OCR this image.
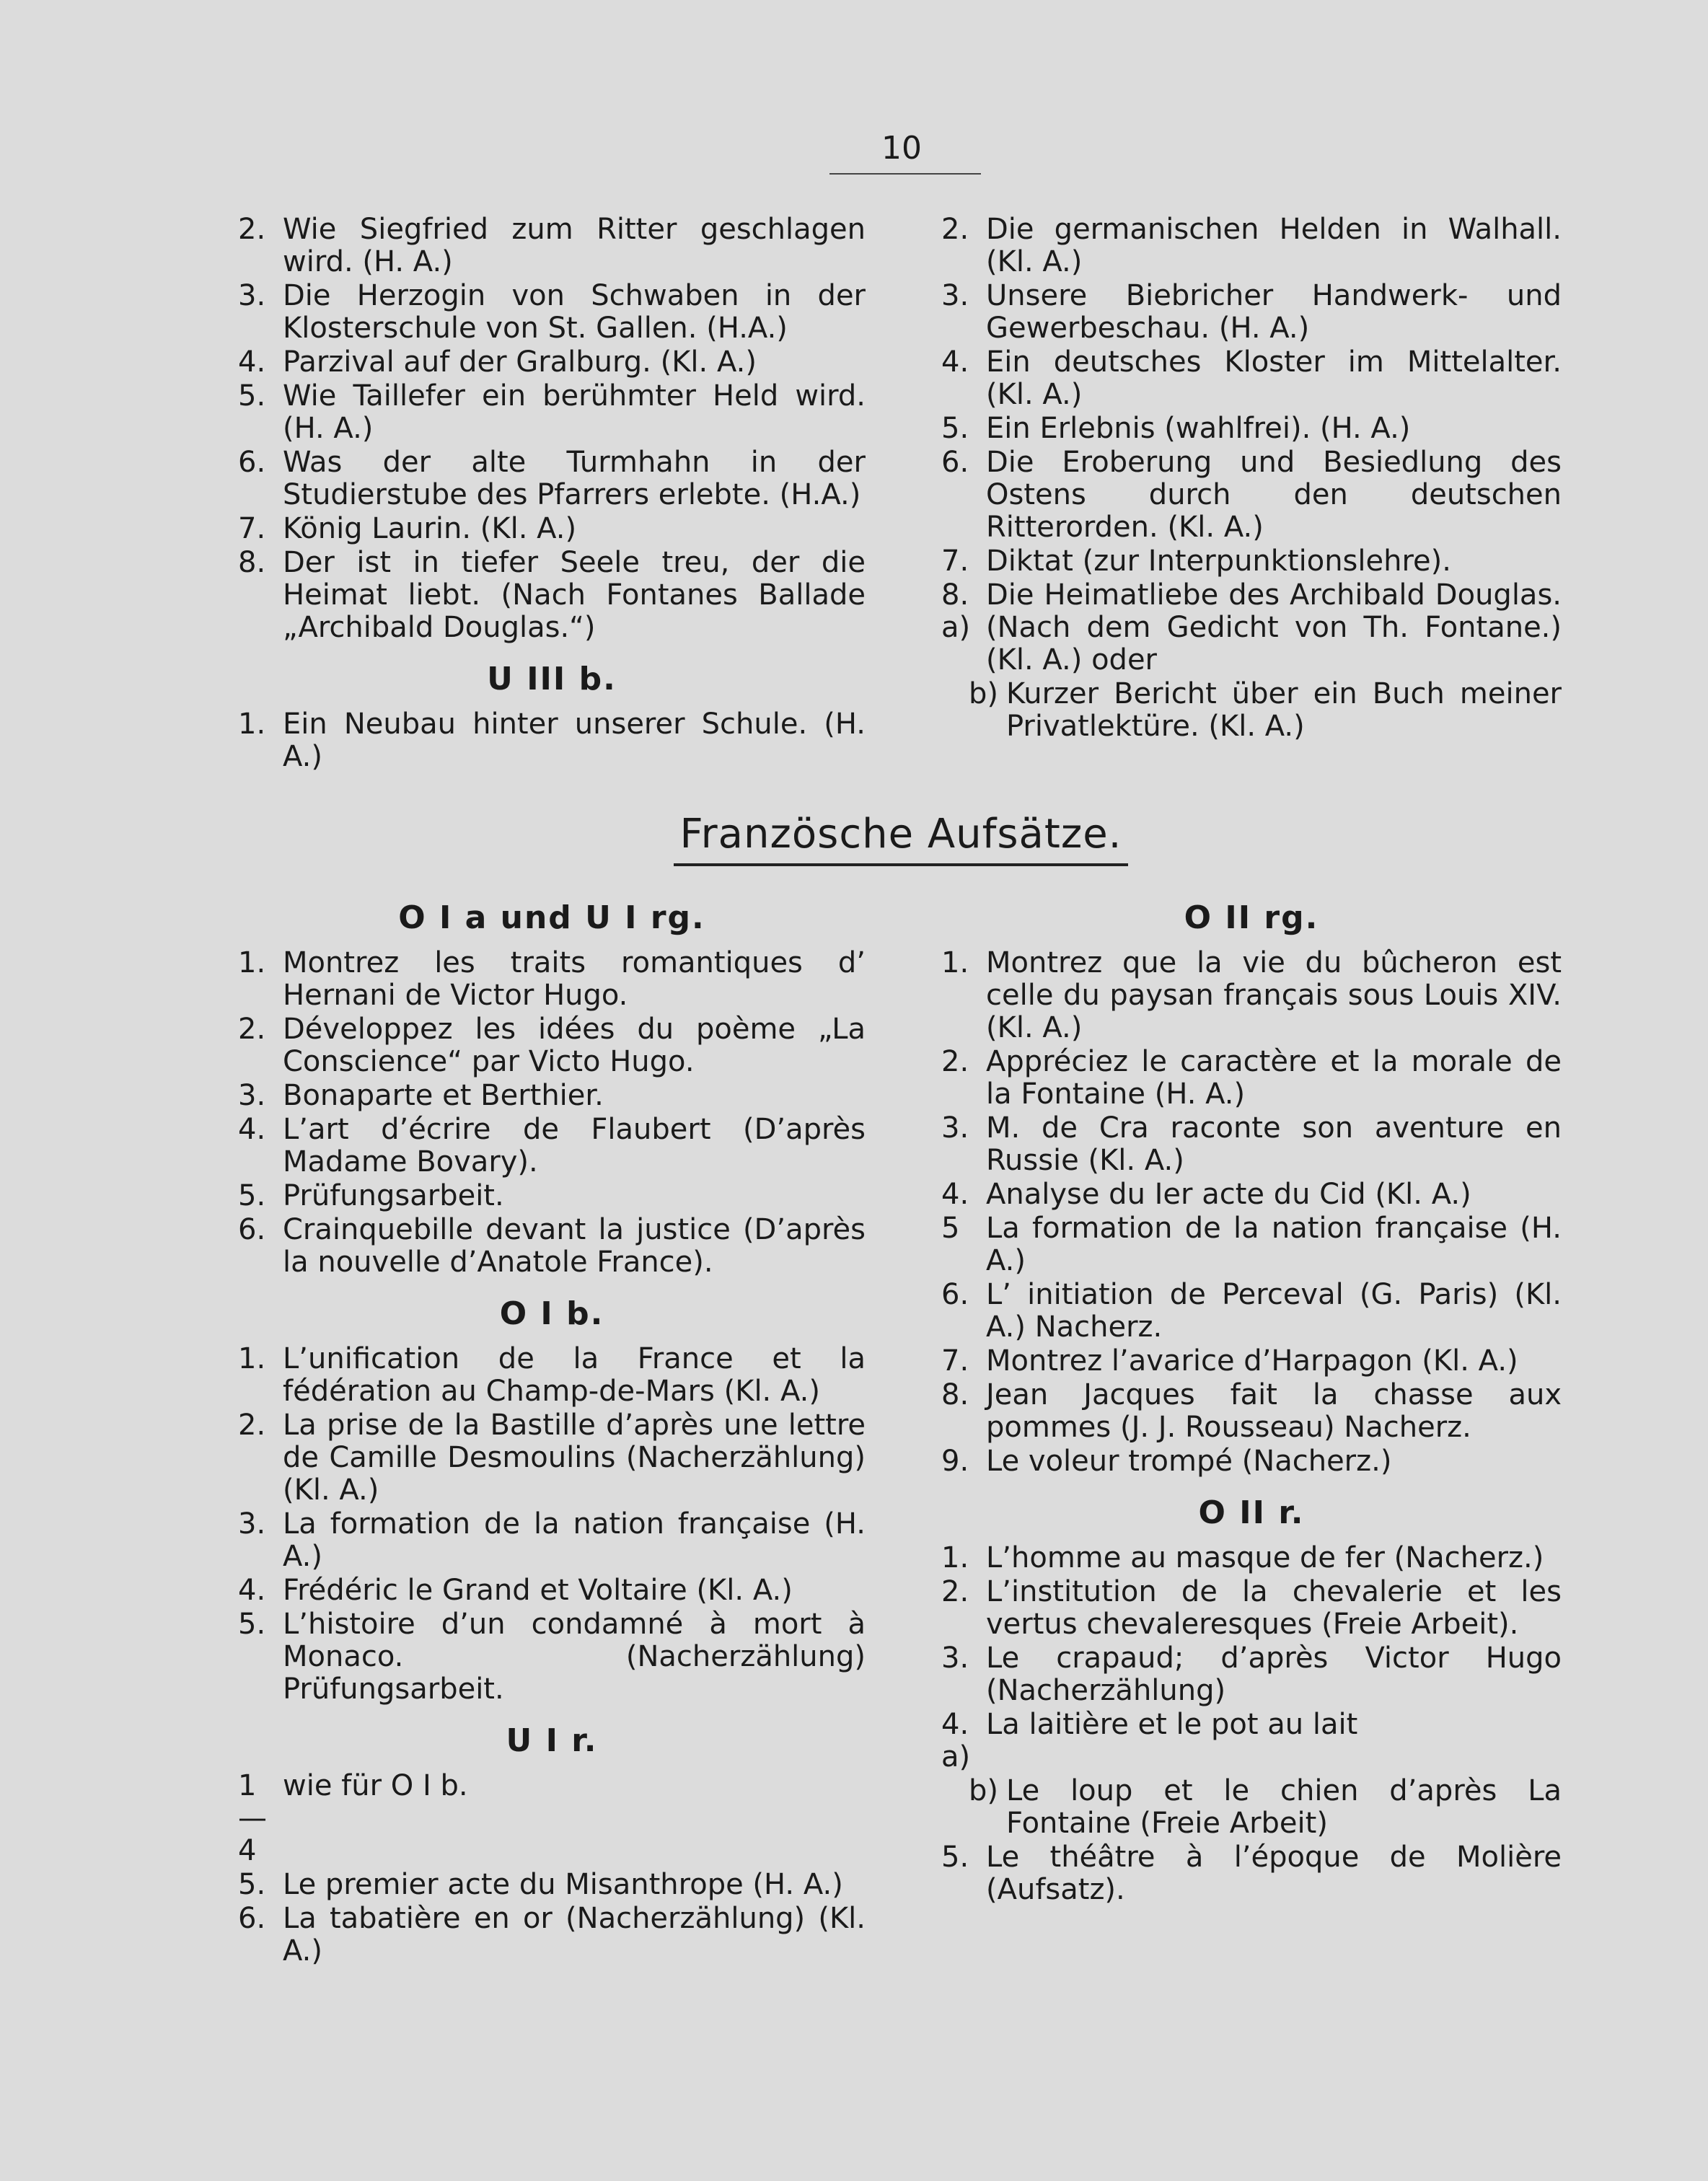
10
2. Wie Siegfried zum Ritter geschlagen wird. (H. A.)
3. Die Herzogin von Schwaben in der Klosterschule von St. Gallen. (H.A.)
4. Parzival auf der Gralburg. (Kl. A.)
5. Wie Taillefer ein berühmter Held wird. (H. A.)
6. Was der alte Turmhahn in der Studierstube des Pfarrers erlebte. (H.A.)
7. König Laurin. (Kl. A.)
8. Der ist in tiefer Seele treu, der die Heimat liebt. (Nach Fontanes Ballade „Archibald Douglas.“)
U III b.
1. Ein Neubau hinter unserer Schule. (H. A.)
2. Die germanischen Helden in Walhall. (Kl. A.)
3. Unsere Biebricher Handwerk- und Gewerbeschau. (H. A.)
4. Ein deutsches Kloster im Mittelalter. (Kl. A.)
5. Ein Erlebnis (wahlfrei). (H. A.)
6. Die Eroberung und Besiedlung des Ostens durch den deutschen Ritterorden. (Kl. A.)
7. Diktat (zur Interpunktionslehre).
8. a)
Die Heimatliebe des Archibald Douglas. (Nach dem Gedicht von Th. Fontane.) (Kl. A.) oder
b) Kurzer Bericht über ein Buch meiner Privatlektüre. (Kl. A.)
Französche Aufsätze.
O I a und U I rg.
1. Montrez les traits romantiques d’ Hernani de Victor Hugo.
2. Développez les idées du poème „La Conscience“ par Victo Hugo.
3. Bonaparte et Berthier.
4. L’art d’écrire de Flaubert (D’après Madame Bovary).
5. Prüfungsarbeit.
6. Crainquebille devant la justice (D’après la nouvelle d’Anatole France).
O I b.
1. L’unification de la France et la fédération au Champ-de-Mars (Kl. A.)
2. La prise de la Bastille d’après une lettre de Camille Desmoulins (Nacherzählung) (Kl. A.)
3. La formation de la nation française (H. A.)
4. Frédéric le Grand et Voltaire (Kl. A.)
5. L’histoire d’un condamné à mort à Monaco. (Nacherzählung) Prüfungsarbeit.
U I r.
1—4
wie für O I b.
5. Le premier acte du Misanthrope (H. A.)
6. La tabatière en or (Nacherzählung) (Kl. A.)
O II rg.
1. Montrez que la vie du bûcheron est celle du paysan français sous Louis XIV. (Kl. A.)
2. Appréciez le caractère et la morale de la Fontaine (H. A.)
3. M. de Cra raconte son aventure en Russie (Kl. A.)
4. Analyse du Ier acte du Cid (Kl. A.)
5 La formation de la nation française (H. A.)
6. L’ initiation de Perceval (G. Paris) (Kl. A.) Nacherz.
7. Montrez l’avarice d’Harpagon (Kl. A.)
8. Jean Jacques fait la chasse aux pommes (J. J. Rousseau) Nacherz.
9. Le voleur trompé (Nacherz.)
O II r.
1. L’homme au masque de fer (Nacherz.)
2. L’institution de la chevalerie et les vertus chevaleresques (Freie Arbeit).
3. Le crapaud; d’après Victor Hugo (Nacherzählung)
4. a)
La laitière et le pot au lait
b) Le loup et le chien d’après La Fontaine (Freie Arbeit)
5. Le théâtre à l’époque de Molière (Aufsatz).
